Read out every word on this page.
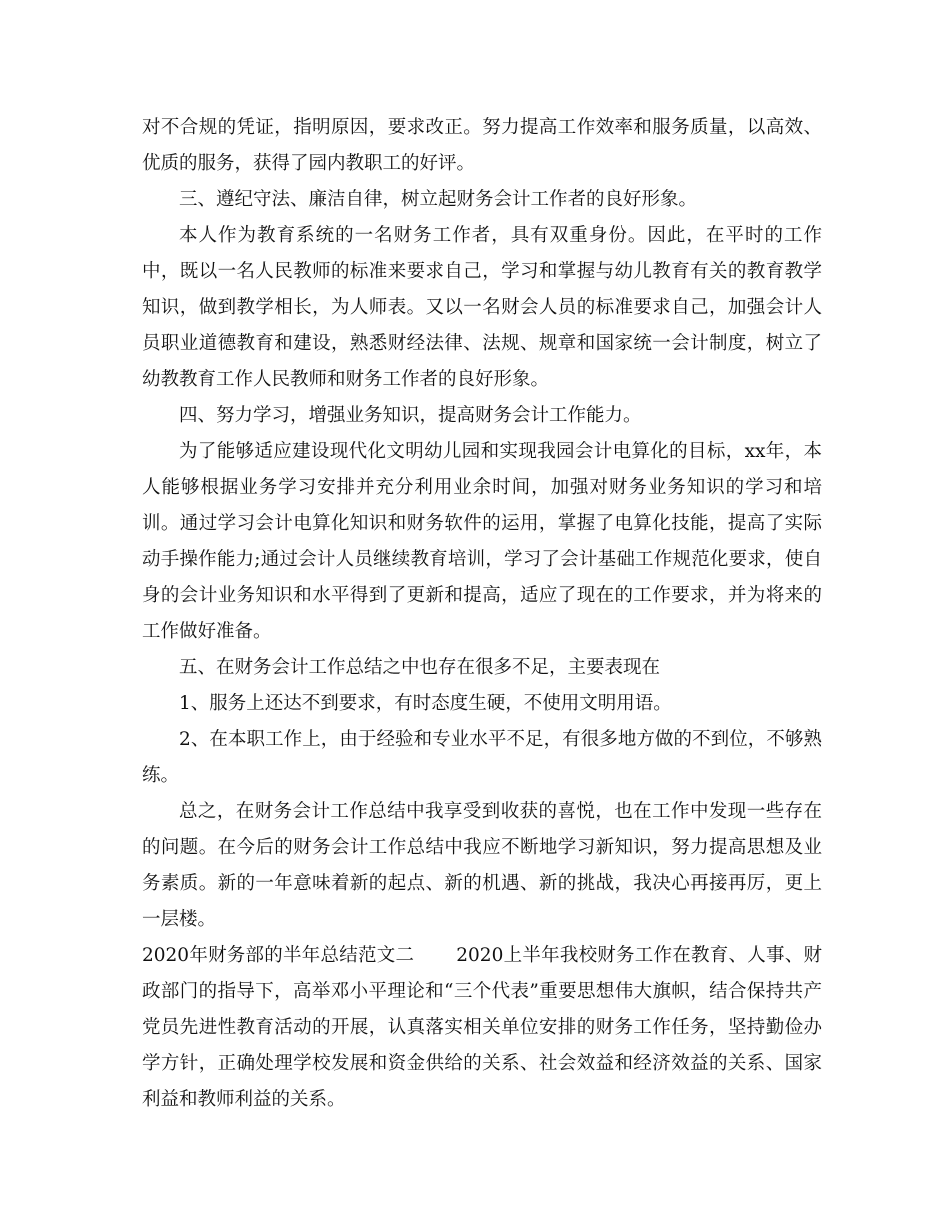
对不合规的凭证，指明原因，要求改正。努力提高工作效率和服务质量，以高效、优质的服务，获得了园内教职工的好评。

三、遵纪守法、廉洁自律，树立起财务会计工作者的良好形象。

本人作为教育系统的一名财务工作者，具有双重身份。因此，在平时的工作中，既以一名人民教师的标准来要求自己，学习和掌握与幼儿教育有关的教育教学知识，做到教学相长，为人师表。又以一名财会人员的标准要求自己，加强会计人员职业道德教育和建设，熟悉财经法律、法规、规章和国家统一会计制度，树立了幼教教育工作人民教师和财务工作者的良好形象。

四、努力学习，增强业务知识，提高财务会计工作能力。

为了能够适应建设现代化文明幼儿园和实现我园会计电算化的目标，xx年，本人能够根据业务学习安排并充分利用业余时间，加强对财务业务知识的学习和培训。通过学习会计电算化知识和财务软件的运用，掌握了电算化技能，提高了实际动手操作能力;通过会计人员继续教育培训，学习了会计基础工作规范化要求，使自身的会计业务知识和水平得到了更新和提高，适应了现在的工作要求，并为将来的工作做好准备。

五、在财务会计工作总结之中也存在很多不足，主要表现在

1、服务上还达不到要求，有时态度生硬，不使用文明用语。

2、在本职工作上，由于经验和专业水平不足，有很多地方做的不到位，不够熟练。

总之，在财务会计工作总结中我享受到收获的喜悦，也在工作中发现一些存在的问题。在今后的财务会计工作总结中我应不断地学习新知识，努力提高思想及业务素质。新的一年意味着新的起点、新的机遇、新的挑战，我决心再接再厉，更上一层楼。

2020年财务部的半年总结范文二 2020上半年我校财务工作在教育、人事、财政部门的指导下，高举邓小平理论和“三个代表”重要思想伟大旗帜，结合保持共产党员先进性教育活动的开展，认真落实相关单位安排的财务工作任务，坚持勤俭办学方针，正确处理学校发展和资金供给的关系、社会效益和经济效益的关系、国家利益和教师利益的关系。
